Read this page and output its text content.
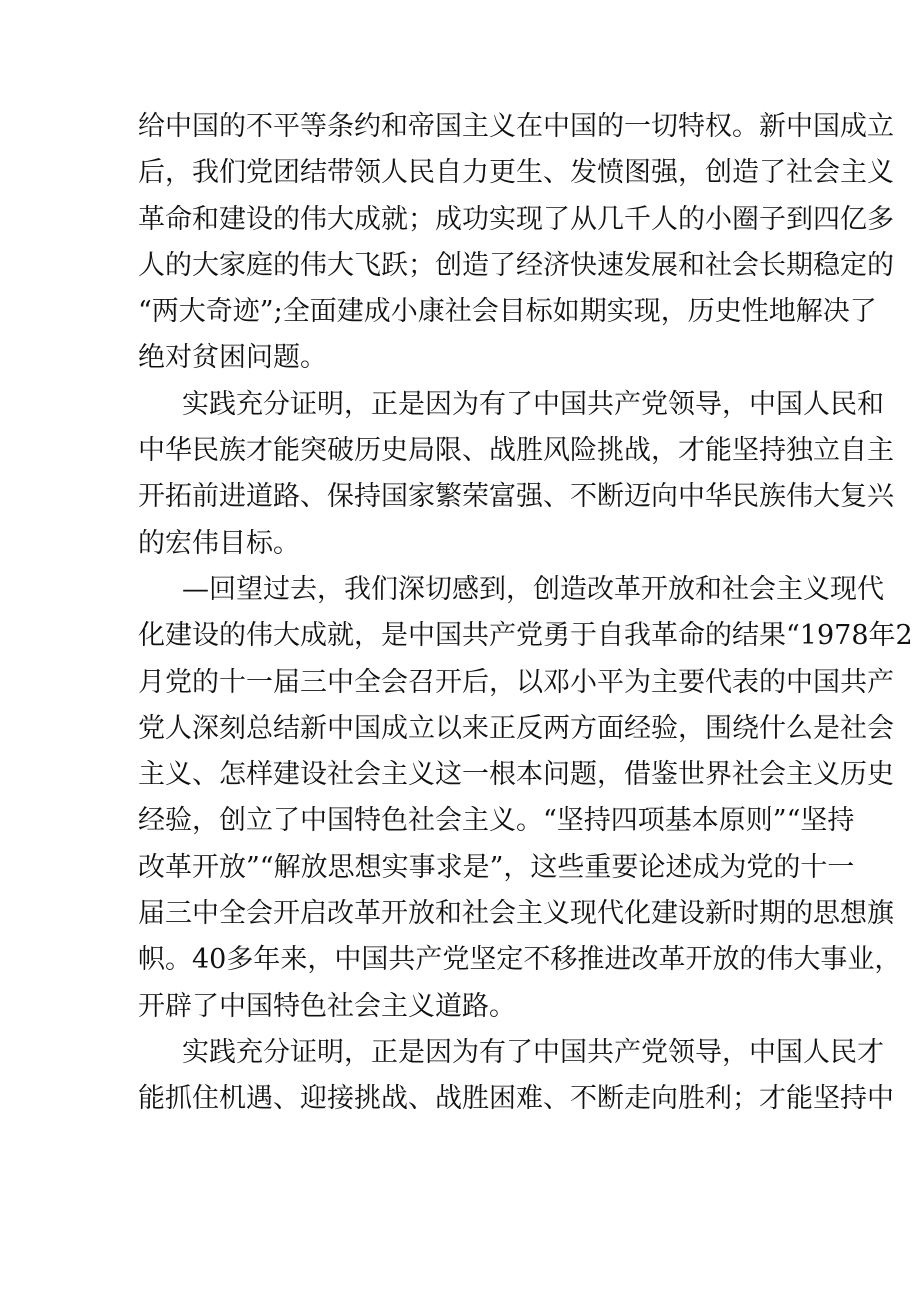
给中国的不平等条约和帝国主义在中国的一切特权。新中国成立
后，我们党团结带领人民自力更生、发愤图强，创造了社会主义
革命和建设的伟大成就；成功实现了从几千人的小圈子到四亿多
人的大家庭的伟大飞跃；创造了经济快速发展和社会长期稳定的
“两大奇迹”;全面建成小康社会目标如期实现，历史性地解决了
绝对贫困问题。

实践充分证明，正是因为有了中国共产党领导，中国人民和
中华民族才能突破历史局限、战胜风险挑战，才能坚持独立自主
开拓前进道路、保持国家繁荣富强、不断迈向中华民族伟大复兴
的宏伟目标。

—回望过去，我们深切感到，创造改革开放和社会主义现代
化建设的伟大成就，是中国共产党勇于自我革命的结果“1978年2
月党的十一届三中全会召开后，以邓小平为主要代表的中国共产
党人深刻总结新中国成立以来正反两方面经验，围绕什么是社会
主义、怎样建设社会主义这一根本问题，借鉴世界社会主义历史
经验，创立了中国特色社会主义。“坚持四项基本原则”“坚持
改革开放”“解放思想实事求是”，这些重要论述成为党的十一
届三中全会开启改革开放和社会主义现代化建设新时期的思想旗
帜。40多年来，中国共产党坚定不移推进改革开放的伟大事业，
开辟了中国特色社会主义道路。

实践充分证明，正是因为有了中国共产党领导，中国人民才
能抓住机遇、迎接挑战、战胜困难、不断走向胜利；才能坚持中
